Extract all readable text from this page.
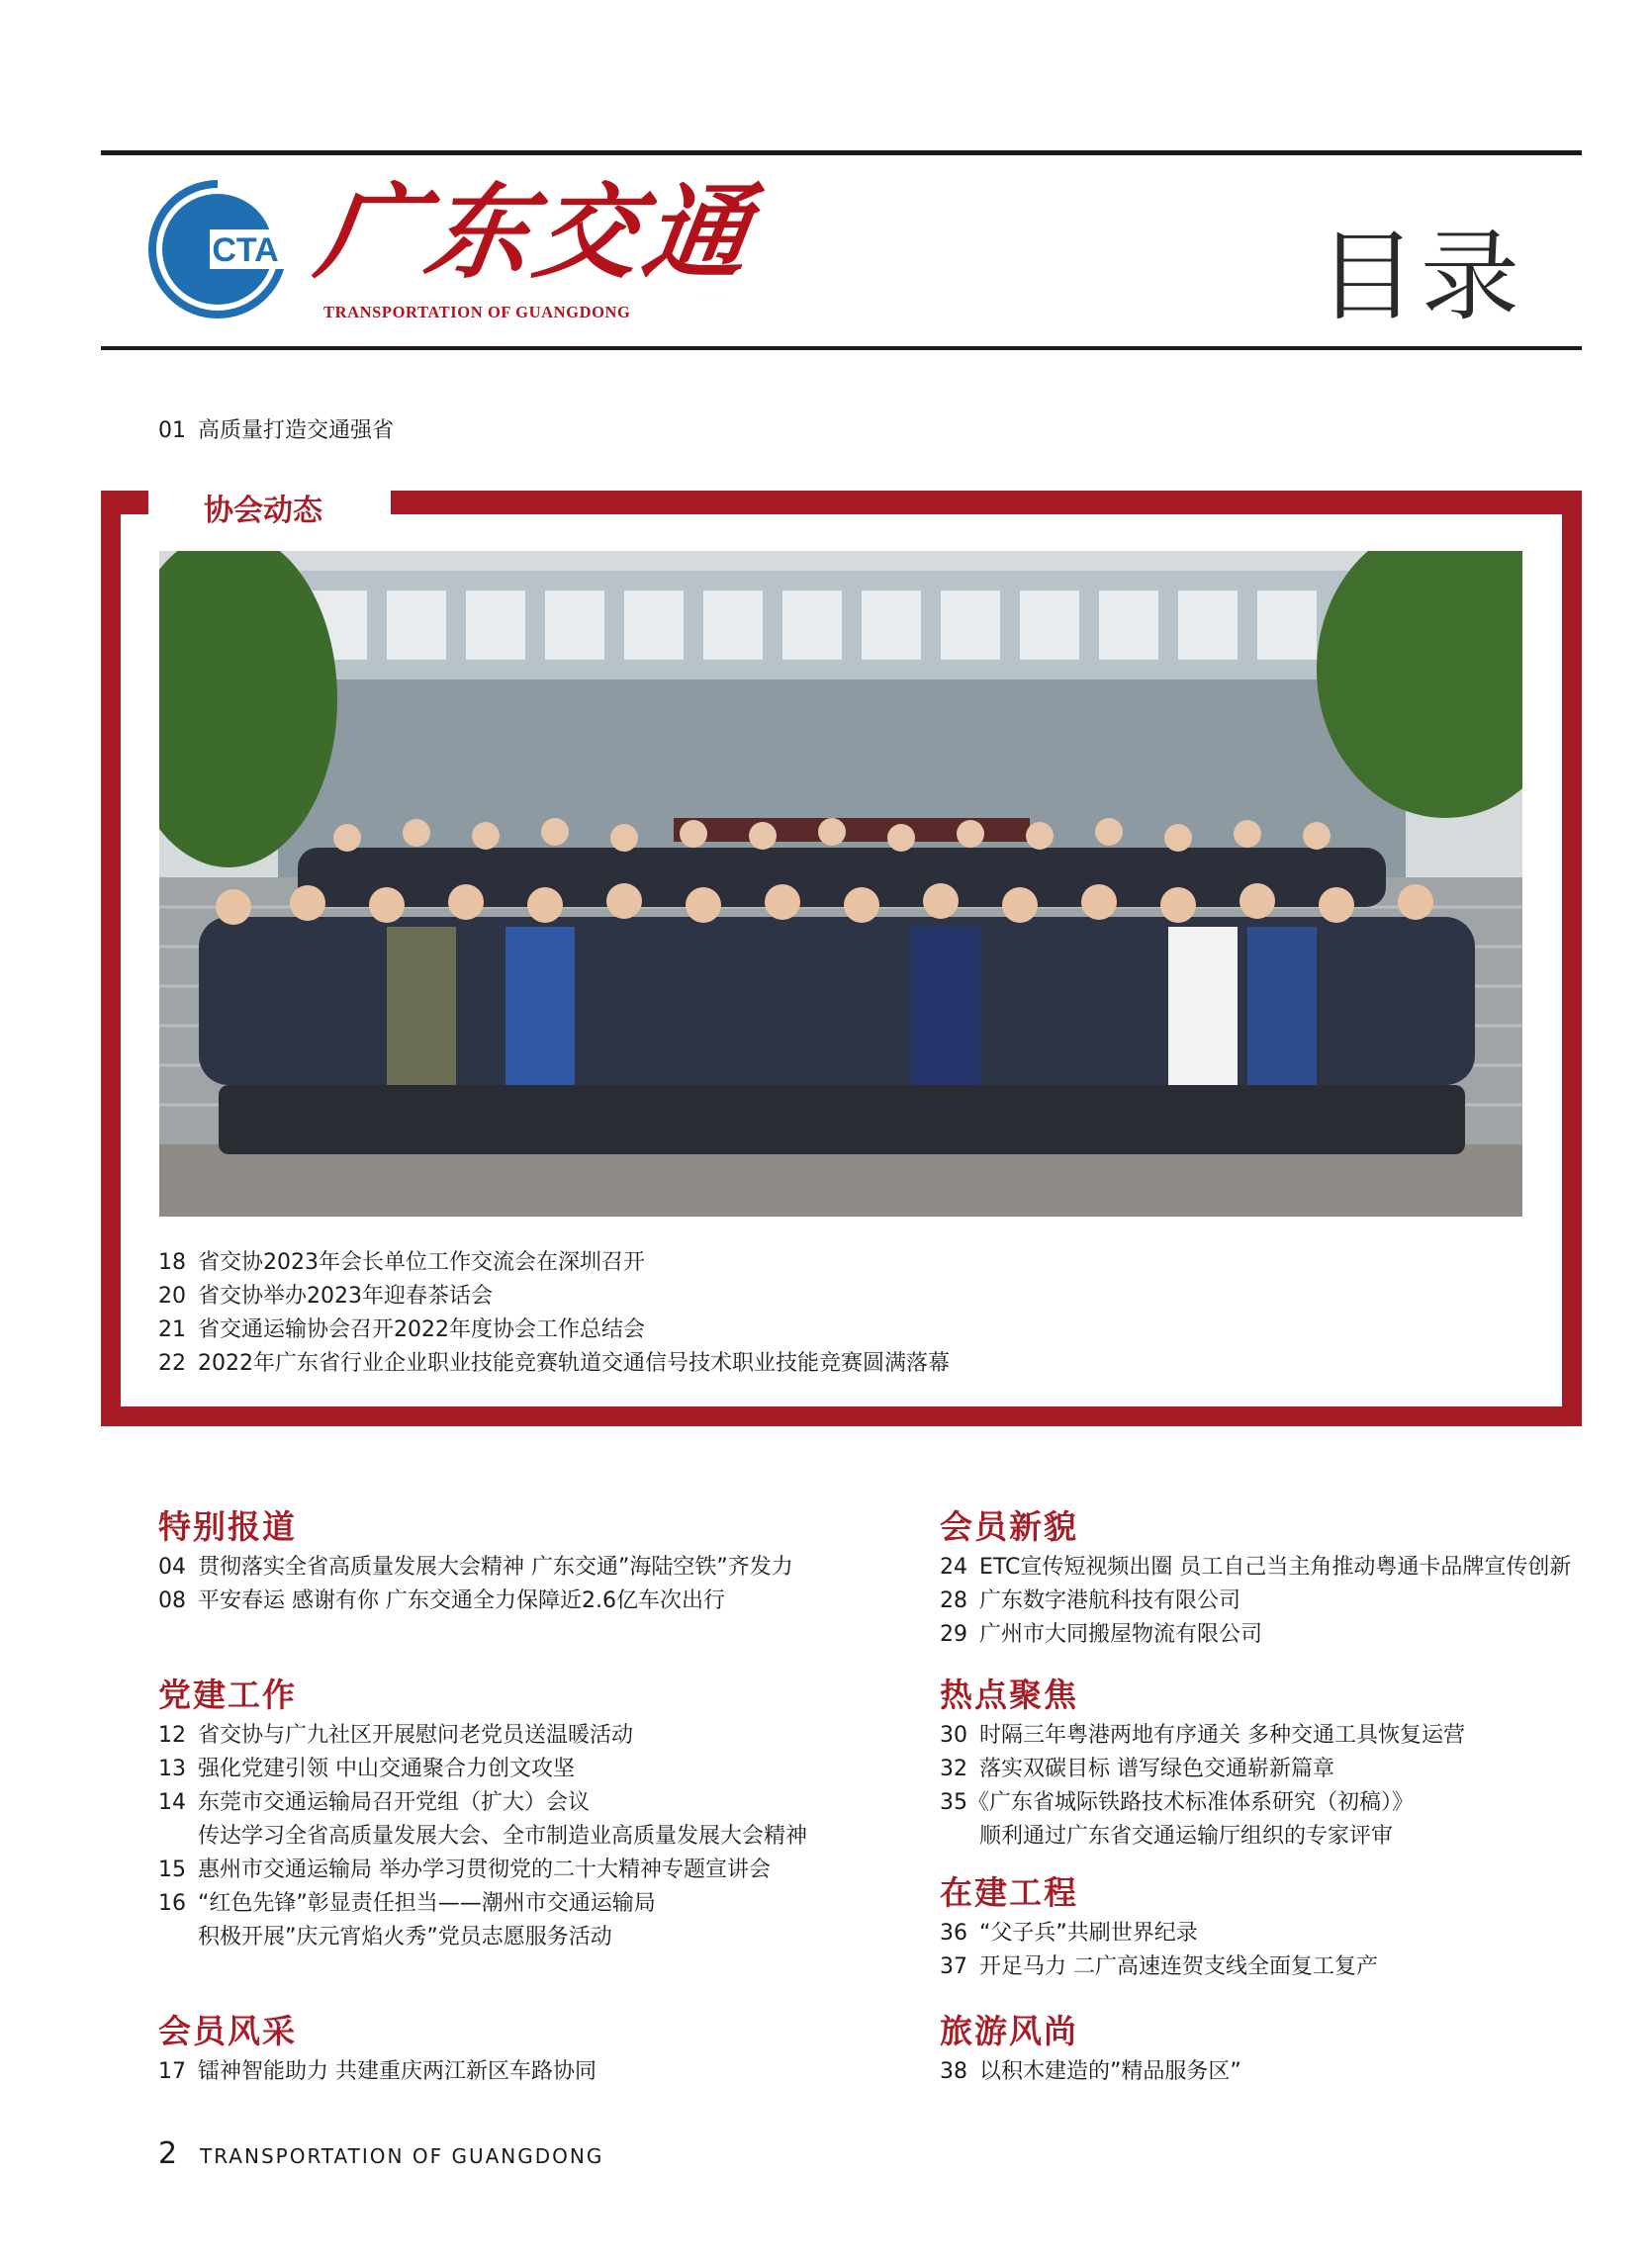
CTA 广东交通
TRANSPORTATION OF GUANGDONG	目录
01 高质量打造交通强省
协会动态
18 省交协2023年会长单位工作交流会在深圳召开
20 省交协举办2023年迎春茶话会
21 省交通运输协会召开2022年度协会工作总结会
22 2022年广东省行业企业职业技能竞赛轨道交通信号技术职业技能竞赛圆满落幕
特别报道
04 贯彻落实全省高质量发展大会精神 广东交通”海陆空铁”齐发力
08 平安春运 感谢有你 广东交通全力保障近2.6亿车次出行
党建工作
12 省交协与广九社区开展慰问老党员送温暖活动
13 强化党建引领 中山交通聚合力创文攻坚
14 东莞市交通运输局召开党组（扩大）会议
传达学习全省高质量发展大会、全市制造业高质量发展大会精神
15 惠州市交通运输局 举办学习贯彻党的二十大精神专题宣讲会
16 “红色先锋”彰显责任担当——潮州市交通运输局
积极开展”庆元宵焰火秀”党员志愿服务活动
会员风采
17 镭神智能助力 共建重庆两江新区车路协同
会员新貌
24 ETC宣传短视频出圈 员工自己当主角推动粤通卡品牌宣传创新
28 广东数字港航科技有限公司
29 广州市大同搬屋物流有限公司
热点聚焦
30 时隔三年粤港两地有序通关 多种交通工具恢复运营
32 落实双碳目标 谱写绿色交通崭新篇章
35《广东省城际铁路技术标准体系研究（初稿）》
顺利通过广东省交通运输厅组织的专家评审
在建工程
36 “父子兵”共刷世界纪录
37 开足马力 二广高速连贺支线全面复工复产
旅游风尚
38 以积木建造的”精品服务区”
2 TRANSPORTATION OF GUANGDONG
